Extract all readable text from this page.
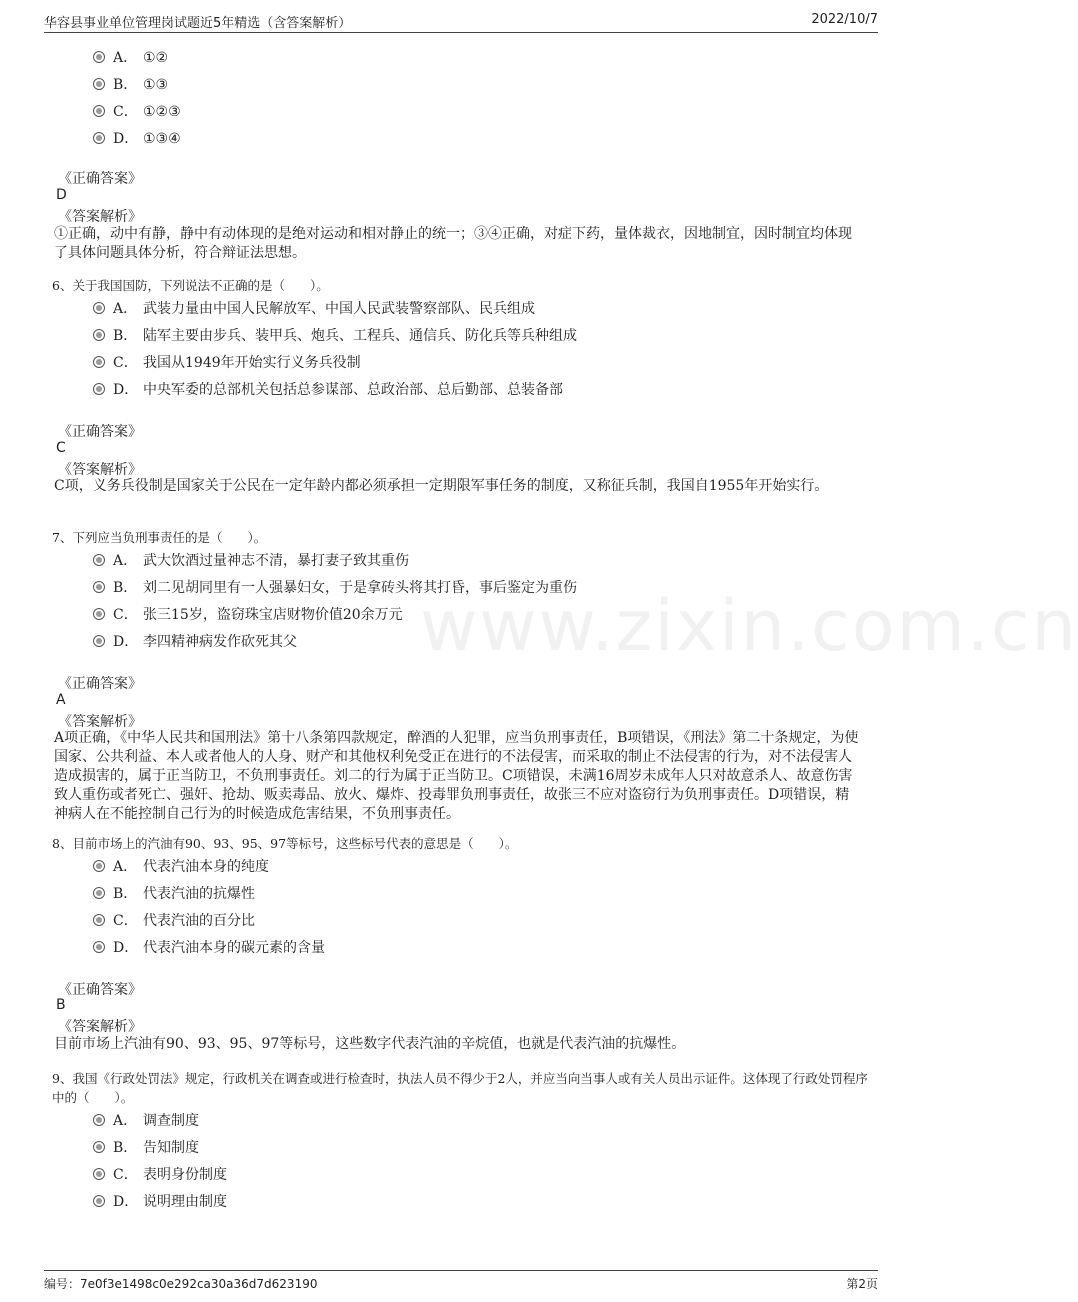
华容县事业单位管理岗试题近5年精选（含答案解析）	2022/10/7
www.zixin.com.cn
A． ①②
B． ①③
C． ①②③
D． ①③④
《正确答案》
D
《答案解析》
①正确，动中有静，静中有动体现的是绝对运动和相对静止的统一；③④正确，对症下药，量体裁衣，因地制宜，因时制宜均体现了具体问题具体分析，符合辩证法思想。
6、关于我国国防，下列说法不正确的是（　　）。
A． 武装力量由中国人民解放军、中国人民武装警察部队、民兵组成
B． 陆军主要由步兵、装甲兵、炮兵、工程兵、通信兵、防化兵等兵种组成
C． 我国从1949年开始实行义务兵役制
D． 中央军委的总部机关包括总参谋部、总政治部、总后勤部、总装备部
《正确答案》
C
《答案解析》
C项，义务兵役制是国家关于公民在一定年龄内都必须承担一定期限军事任务的制度，又称征兵制，我国自1955年开始实行。
7、下列应当负刑事责任的是（　　）。
A． 武大饮酒过量神志不清，暴打妻子致其重伤
B． 刘二见胡同里有一人强暴妇女，于是拿砖头将其打昏，事后鉴定为重伤
C． 张三15岁，盗窃珠宝店财物价值20余万元
D． 李四精神病发作砍死其父
《正确答案》
A
《答案解析》
A项正确，《中华人民共和国刑法》第十八条第四款规定，醉酒的人犯罪，应当负刑事责任，B项错误，《刑法》第二十条规定，为使国家、公共利益、本人或者他人的人身、财产和其他权利免受正在进行的不法侵害，而采取的制止不法侵害的行为，对不法侵害人造成损害的，属于正当防卫，不负刑事责任。刘二的行为属于正当防卫。C项错误，未满16周岁未成年人只对故意杀人、故意伤害致人重伤或者死亡、强奸、抢劫、贩卖毒品、放火、爆炸、投毒罪负刑事责任，故张三不应对盗窃行为负刑事责任。D项错误，精神病人在不能控制自己行为的时候造成危害结果，不负刑事责任。
8、目前市场上的汽油有90、93、95、97等标号，这些标号代表的意思是（　　）。
A． 代表汽油本身的纯度
B． 代表汽油的抗爆性
C． 代表汽油的百分比
D． 代表汽油本身的碳元素的含量
《正确答案》
B
《答案解析》
目前市场上汽油有90、93、95、97等标号，这些数字代表汽油的辛烷值，也就是代表汽油的抗爆性。
9、我国《行政处罚法》规定，行政机关在调查或进行检查时，执法人员不得少于2人，并应当向当事人或有关人员出示证件。这体现了行政处罚程序中的（　　）。
A． 调查制度
B． 告知制度
C． 表明身份制度
D． 说明理由制度
编号：7e0f3e1498c0e292ca30a36d7d623190	第2页
